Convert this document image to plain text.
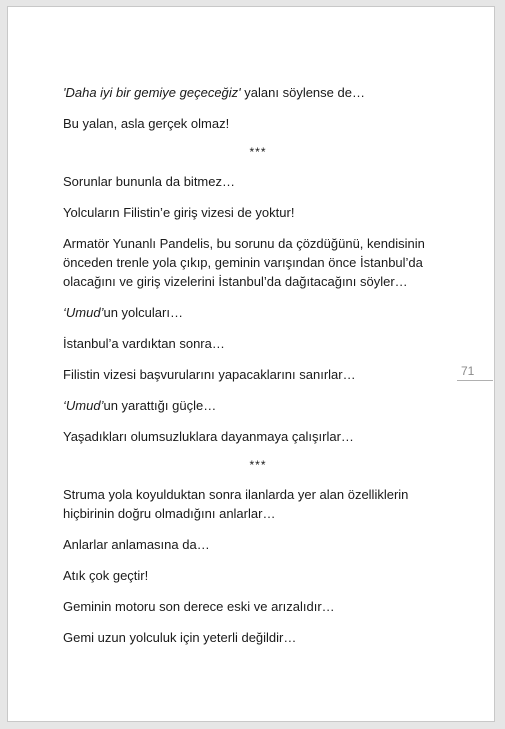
'Daha iyi bir gemiye geçeceğiz' yalanı söylense de…

Bu yalan, asla gerçek olmaz!

***

Sorunlar bununla da bitmez…

Yolcuların Filistin’e giriş vizesi de yoktur!

Armatör Yunanlı Pandelis, bu sorunu da çözdüğünü, kendisinin önceden trenle yola çıkıp, geminin varışından önce İstanbul’da olacağını ve giriş vizelerini İstanbul’da dağıtacağını söyler…

‘Umud’un yolcuları…

İstanbul’a vardıktan sonra…

Filistin vizesi başvurularını yapacaklarını sanırlar…

‘Umud’un yarattığı güçle…

Yaşadıkları olumsuzluklara dayanmaya çalışırlar…

***

Struma yola koyulduktan sonra ilanlarda yer alan özelliklerin hiçbirinin doğru olmadığını anlarlar…

Anlarlar anlamasına da…

Atık çok geçtir!

Geminin motoru son derece eski ve arızalıdır…

Gemi uzun yolculuk için yeterli değildir…

71
